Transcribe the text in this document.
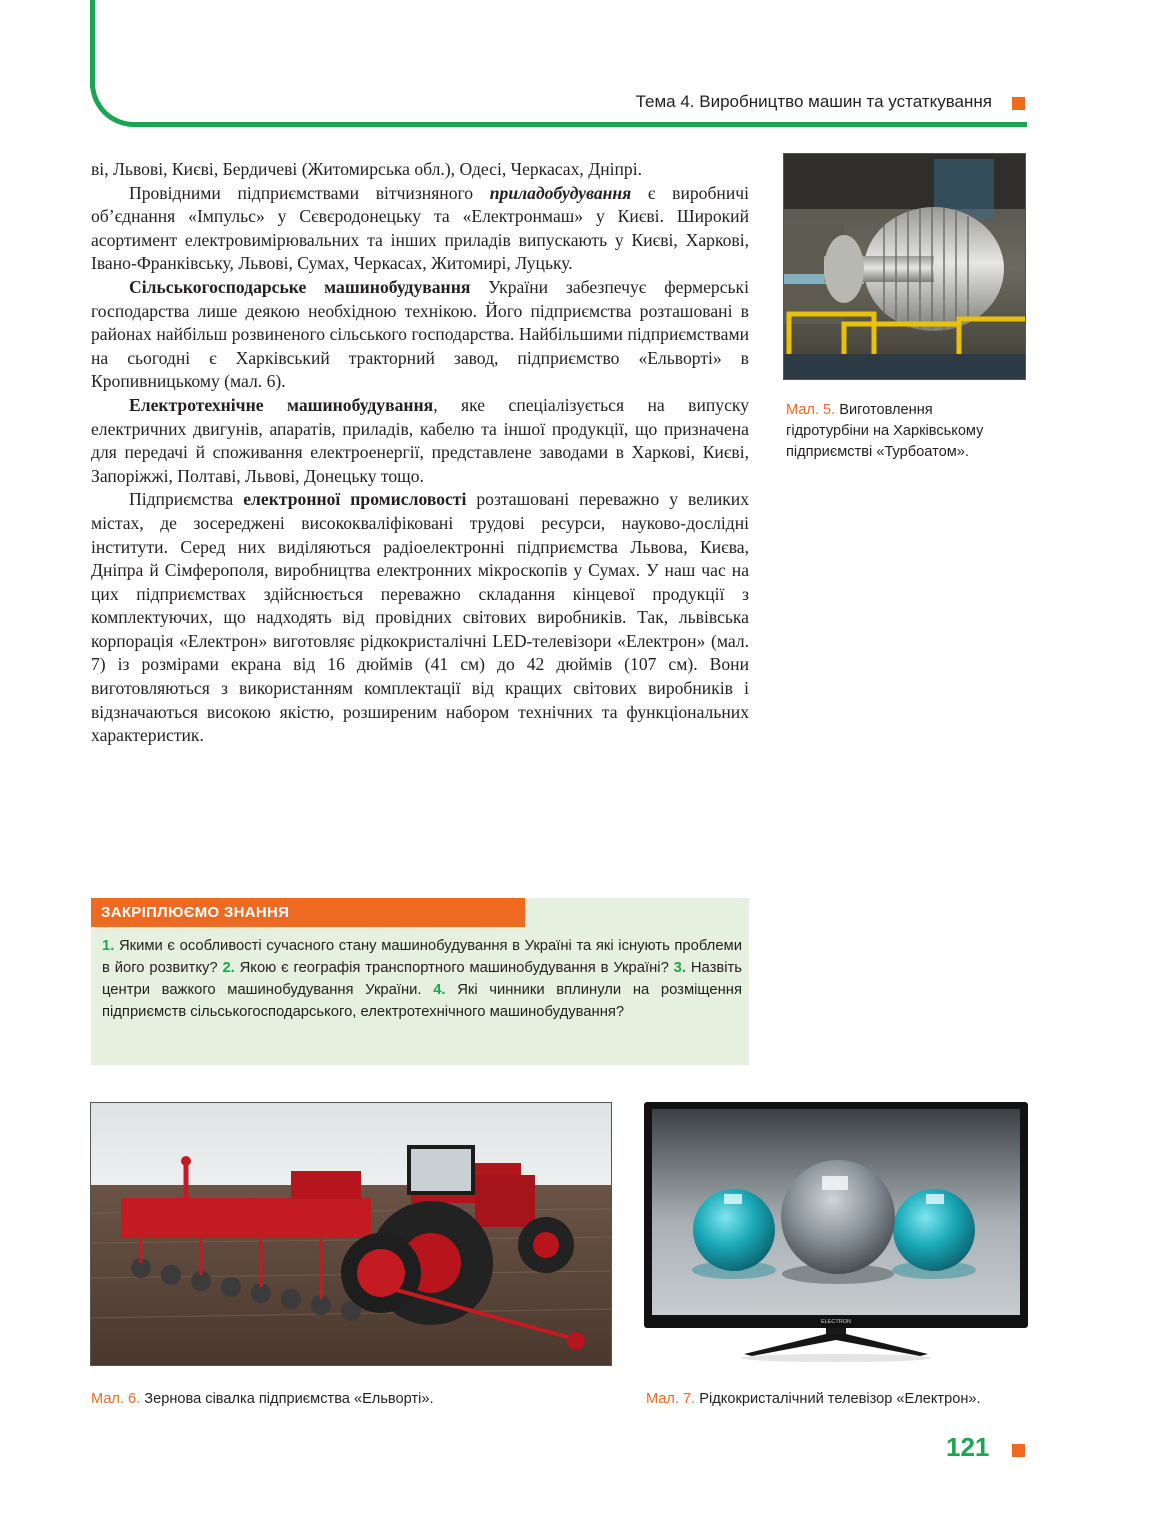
Тема 4. Виробництво машин та устаткування

ві, Львові, Києві, Бердичеві (Житомирська обл.), Одесі, Черкасах, Дніпрі.

Провідними підприємствами вітчизняного приладобудування є виробничі об’єднання «Імпульс» у Сєвєродонецьку та «Електронмаш» у Києві. Широкий асортимент електровимірювальних та інших приладів випускають у Києві, Харкові, Івано-Франківську, Львові, Сумах, Черкасах, Житомирі, Луцьку.

Сільськогосподарське машинобудування України забезпечує фермерські господарства лише деякою необхідною технікою. Його підприємства розташовані в районах найбільш розвиненого сільського господарства. Найбільшими підприємствами на сьогодні є Харківський тракторний завод, підприємство «Ельворті» в Кропивницькому (мал. 6).

Електротехнічне машинобудування, яке спеціалізується на випуску електричних двигунів, апаратів, приладів, кабелю та іншої продукції, що призначена для передачі й споживання електроенергії, представлене заводами в Харкові, Києві, Запоріжжі, Полтаві, Львові, Донецьку тощо.

Підприємства електронної промисловості розташовані переважно у великих містах, де зосереджені висококваліфіковані трудові ресурси, науково-дослідні інститути. Серед них виділяються радіоелектронні підприємства Львова, Києва, Дніпра й Сімферополя, виробництва електронних мікроскопів у Сумах. У наш час на цих підприємствах здійснюється переважно складання кінцевої продукції з комплектуючих, що надходять від провідних світових виробників. Так, львівська корпорація «Електрон» виготовляє рідкокристалічні LED-телевізори «Електрон» (мал. 7) із розмірами екрана від 16 дюймів (41 см) до 42 дюймів (107 см). Вони виготовляються з використанням комплектації від кращих світових виробників і відзначаються високою якістю, розширеним набором технічних та функціональних характеристик.

Мал. 5. Виготовлення гідротурбіни на Харківському підприємстві «Турбоатом».
ЗАКРІПЛЮЄМО ЗНАННЯ
1. Якими є особливості сучасного стану машинобудування в Україні та які існують проблеми в його розвитку? 2. Якою є географія транспортного машинобудування в Україні? 3. Назвіть центри важкого машинобудування України. 4. Які чинники вплинули на розміщення підприємств сільськогосподарського, електротехнічного машинобудування?
Мал. 6. Зернова сівалка підприємства «Ельворті».
ELECTRON
Мал. 7. Рідкокристалічний телевізор «Електрон».
121
